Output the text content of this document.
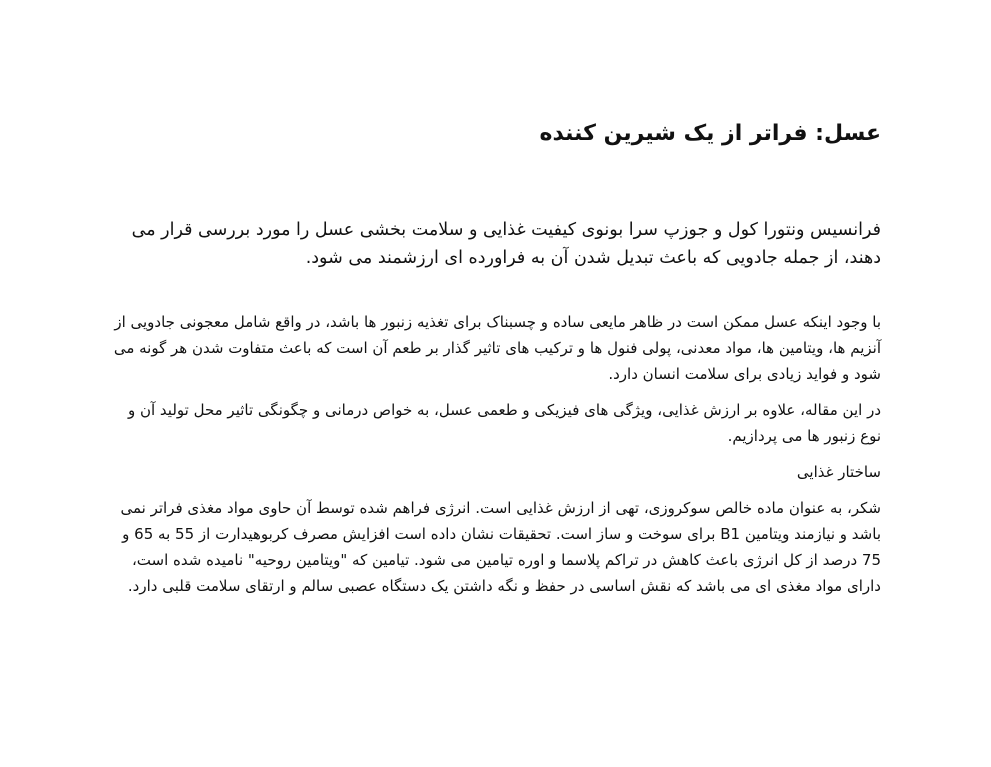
عسل: فراتر از یک شیرین کننده

فرانسیس ونتورا کول و جوزپ سرا بونوی کیفیت غذایی و سلامت بخشی عسل را مورد بررسی قرار می دهند، از جمله جادویی که باعث تبدیل شدن آن به فراورده ای ارزشمند می شود.

با وجود اینکه عسل ممکن است در ظاهر مایعی ساده و چسبناک برای تغذیه زنبور ها باشد، در واقع شامل معجونی جادویی از آنزیم ها، ویتامین ها، مواد معدنی، پولی فنول ها و ترکیب های تاثیر گذار بر طعم آن است که باعث متفاوت شدن هر گونه می شود و فواید زیادی برای سلامت انسان دارد.

در این مقاله، علاوه بر ارزش غذایی، ویژگی های فیزیکی و طعمی عسل، به خواص درمانی و چگونگی تاثیر محل تولید آن و نوع زنبور ها می پردازیم.

ساختار غذایی

شکر، به عنوان ماده خالص سوکروزی، تهی از ارزش غذایی است. انرژی فراهم شده توسط آن حاوی مواد مغذی فراتر نمی باشد و نیازمند ویتامین B1 برای سوخت و ساز است. تحقیقات نشان داده است افزایش مصرف کربوهیدارت از 55 به 65 و 75 درصد از کل انرژی باعث کاهش در تراکم پلاسما و اوره تیامین می شود. تیامین که "ویتامین روحیه" نامیده شده است، دارای مواد مغذی ای می باشد که نقش اساسی در حفظ و نگه داشتن یک دستگاه عصبی سالم و ارتقای سلامت قلبی دارد.
